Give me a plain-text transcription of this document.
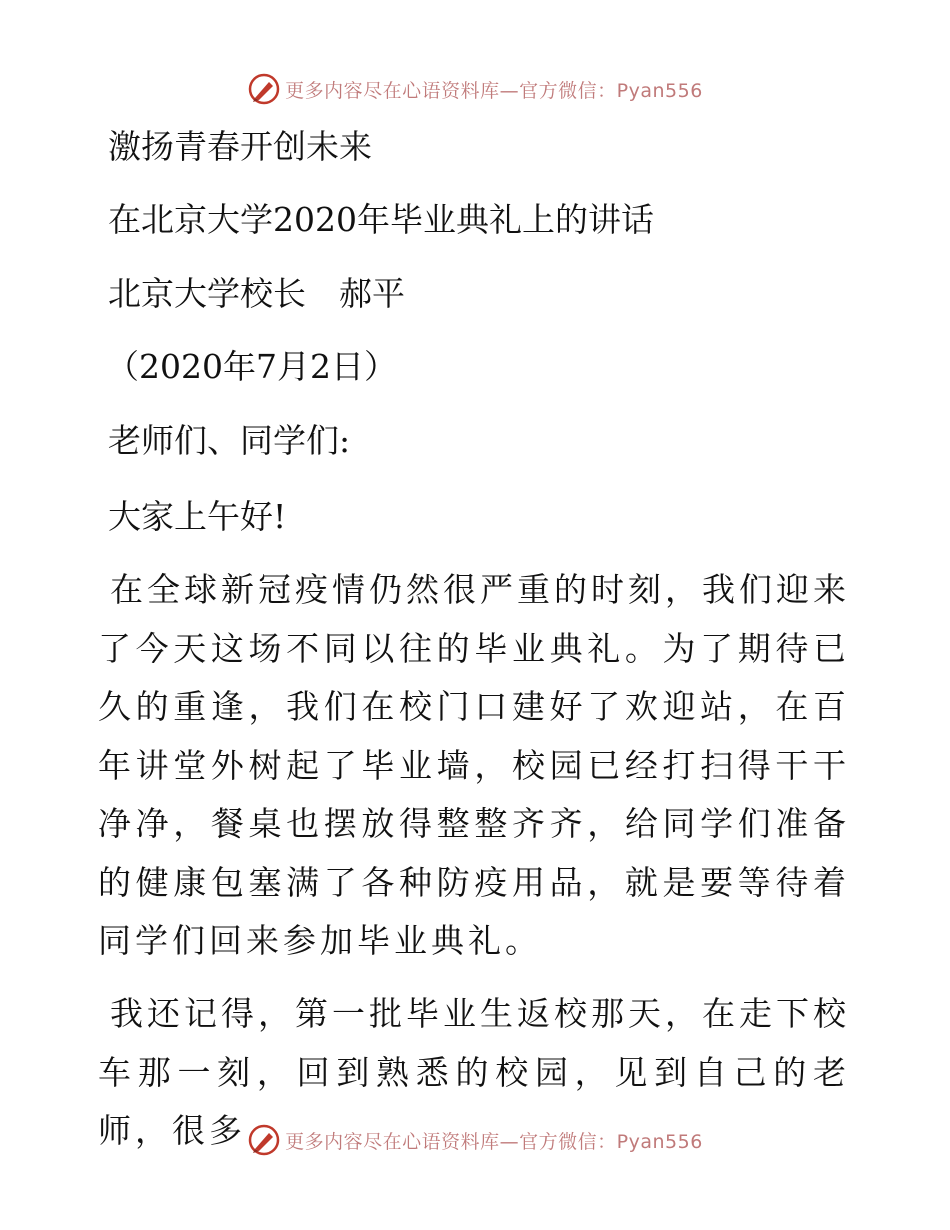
更多内容尽在心语资料库—官方微信：Pyan556
激扬青春开创未来
在北京大学2020年毕业典礼上的讲话
北京大学校长　郝平
（2020年7月2日）
老师们、同学们:
大家上午好!
在全球新冠疫情仍然很严重的时刻，我们迎来了今天这场不同以往的毕业典礼。为了期待已久的重逢，我们在校门口建好了欢迎站，在百年讲堂外树起了毕业墙，校园已经打扫得干干净净，餐桌也摆放得整整齐齐，给同学们准备的健康包塞满了各种防疫用品，就是要等待着同学们回来参加毕业典礼。
我还记得，第一批毕业生返校那天，在走下校车那一刻，回到熟悉的校园，见到自己的老师，很多	更多内容尽在心语资料库—官方微信：Pyan556
